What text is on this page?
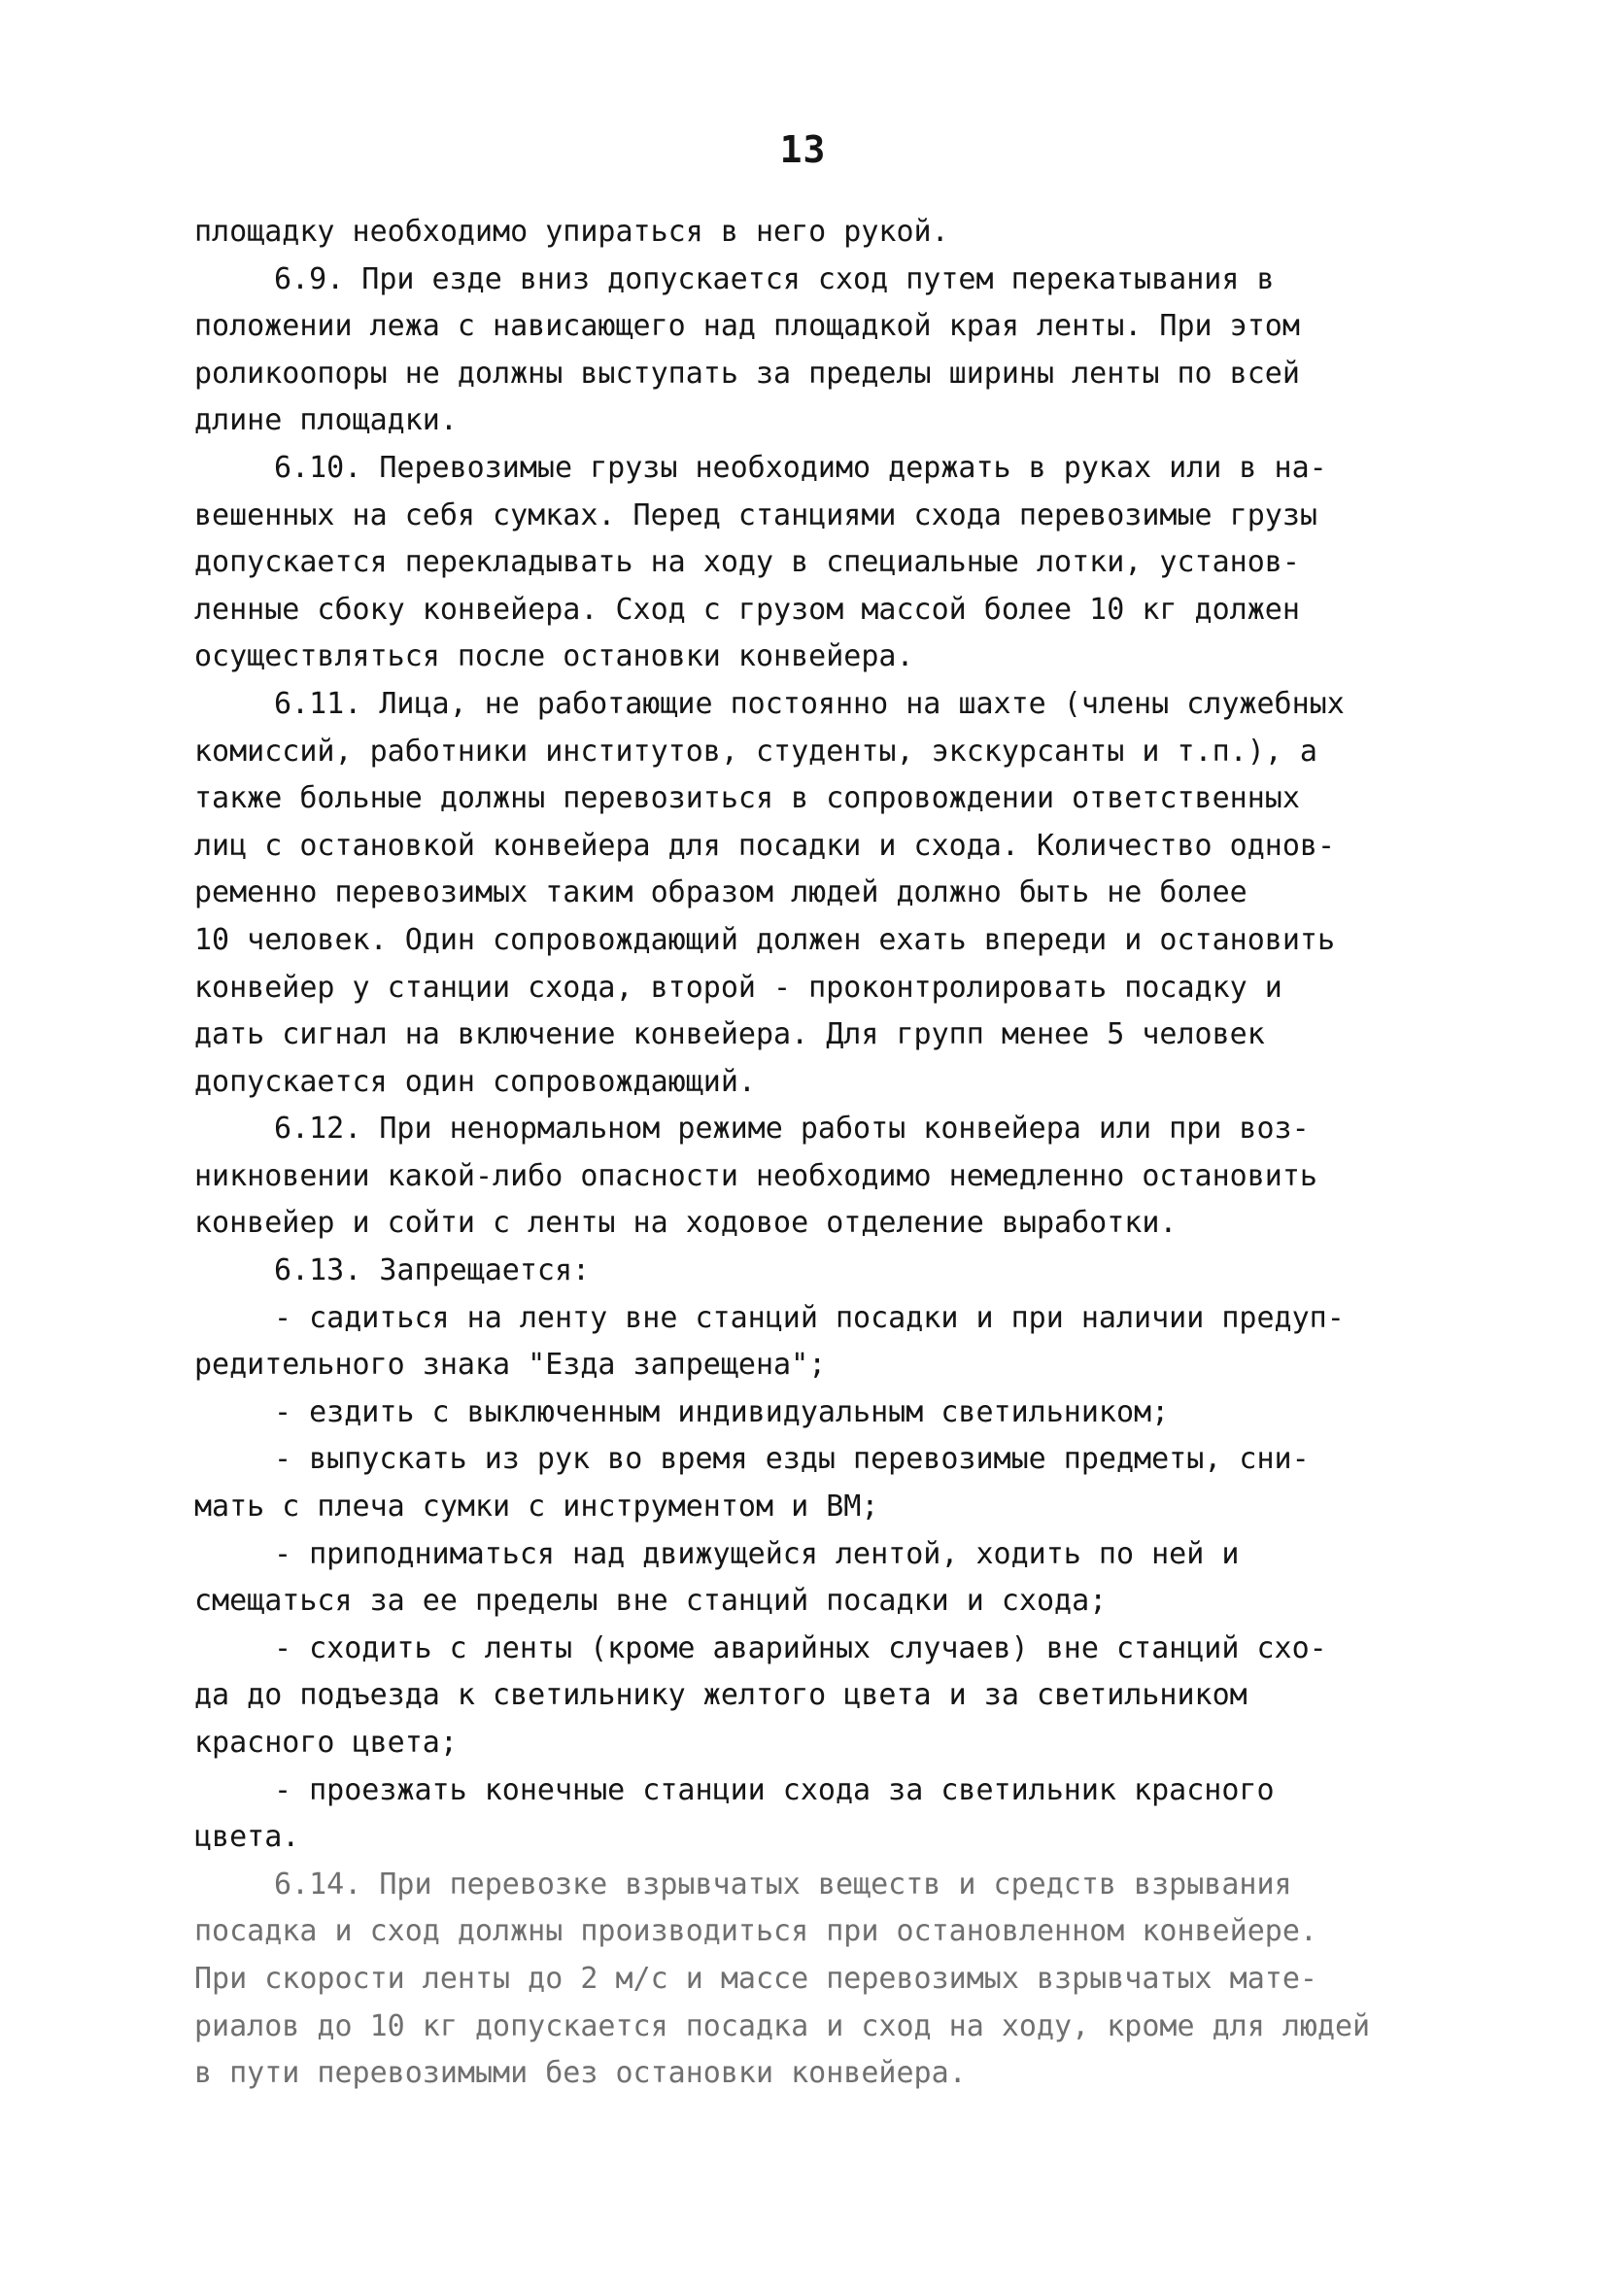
13

площадку необходимо упираться в него рукой.

6.9. При езде вниз допускается сход путем перекатывания в
положении лежа с нависающего над площадкой края ленты. При этом
роликоопоры не должны выступать за пределы ширины ленты по всей
длине площадки.

6.10. Перевозимые грузы необходимо держать в руках или в на-
вешенных на себя сумках. Перед станциями схода перевозимые грузы
допускается перекладывать на ходу в специальные лотки, установ-
ленные сбоку конвейера. Сход с грузом массой более 10 кг должен
осуществляться после остановки конвейера.

6.11. Лица, не работающие постоянно на шахте (члены служебных
комиссий, работники институтов, студенты, экскурсанты и т.п.), а
также больные должны перевозиться в сопровождении ответственных
лиц с остановкой конвейера для посадки и схода. Количество однов-
ременно перевозимых таким образом людей должно быть не более
10 человек. Один сопровождающий должен ехать впереди и остановить
конвейер у станции схода, второй - проконтролировать посадку и
дать сигнал на включение конвейера. Для групп менее 5 человек
допускается один сопровождающий.

6.12. При ненормальном режиме работы конвейера или при воз-
никновении какой-либо опасности необходимо немедленно остановить
конвейер и сойти с ленты на ходовое отделение выработки.

6.13. Запрещается:

- садиться на ленту вне станций посадки и при наличии предуп-
редительного знака "Езда запрещена";

- ездить с выключенным индивидуальным светильником;

- выпускать из рук во время езды перевозимые предметы, сни-
мать с плеча сумки с инструментом и ВМ;

- приподниматься над движущейся лентой, ходить по ней и
смещаться за ее пределы вне станций посадки и схода;

- сходить с ленты (кроме аварийных случаев) вне станций схо-
да до подъезда к светильнику желтого цвета и за светильником
красного цвета;

- проезжать конечные станции схода за светильник красного
цвета.

6.14. При перевозке взрывчатых веществ и средств взрывания
посадка и сход должны производиться при остановленном конвейере.
При скорости ленты до 2 м/с и массе перевозимых взрывчатых мате-
риалов до 10 кг допускается посадка и сход на ходу, кроме для людей
в пути перевозимыми без остановки конвейера.
